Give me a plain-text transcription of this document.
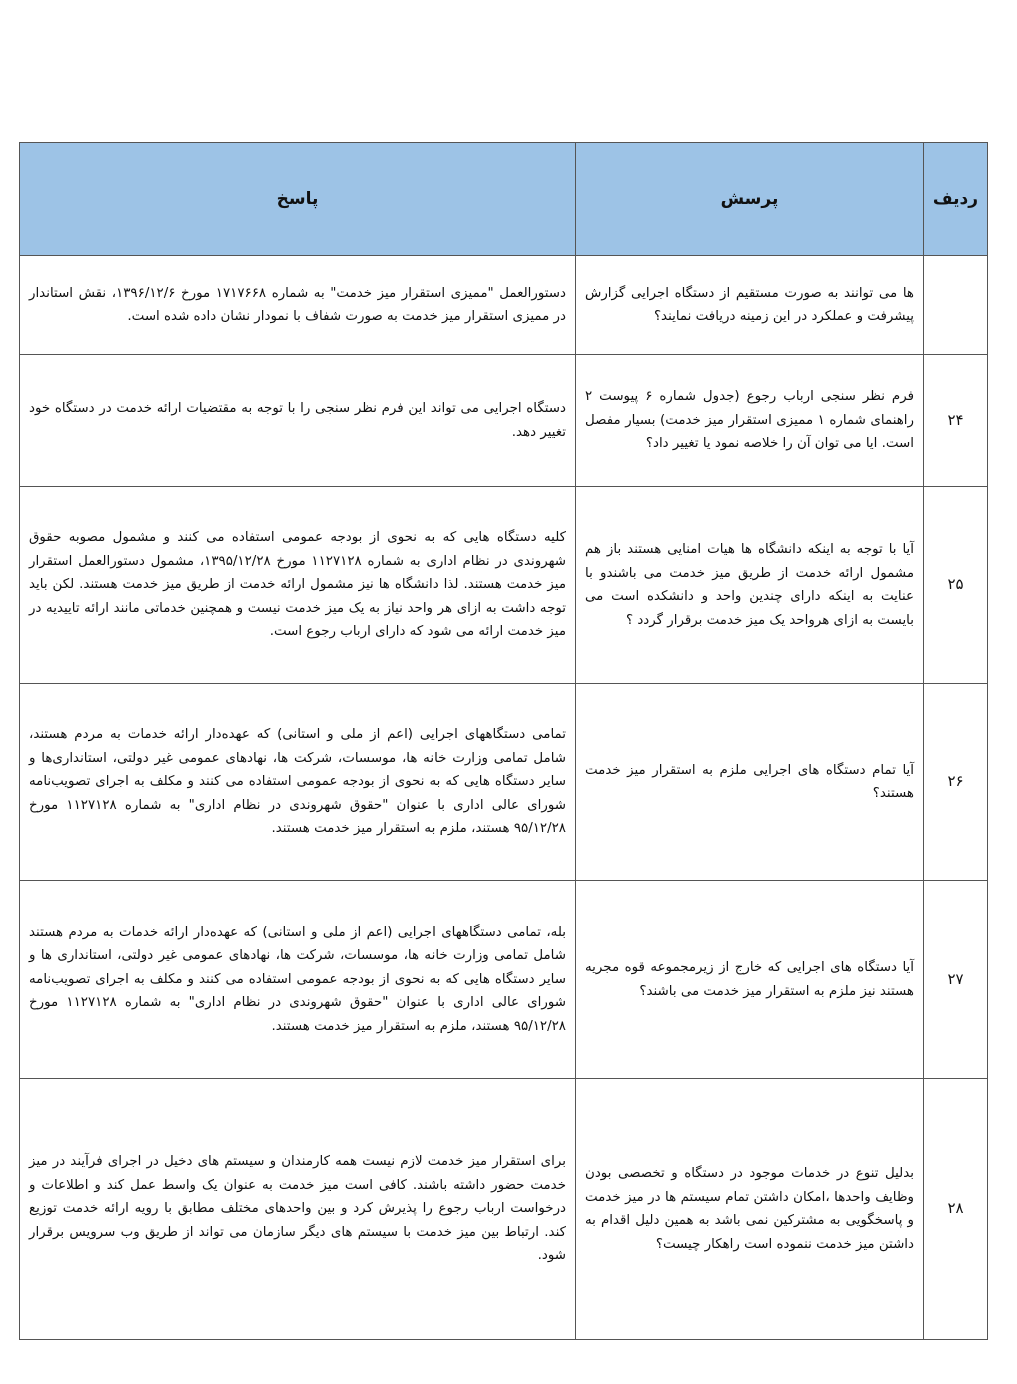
ردیف	پرسش	پاسخ
	ها می توانند به صورت مستقیم از دستگاه اجرایی گزارش پیشرفت و عملکرد در این زمینه دریافت نمایند؟	دستورالعمل "ممیزی استقرار میز خدمت" به شماره ۱۷۱۷۶۶۸ مورخ ۱۳۹۶/۱۲/۶، نقش استاندار در ممیزی استقرار میز خدمت به صورت شفاف با نمودار نشان داده شده است.
۲۴	فرم نظر سنجی ارباب رجوع (جدول شماره ۶ پیوست ۲ راهنمای شماره ۱ ممیزی استقرار میز خدمت) بسیار مفصل است. ایا می توان آن را خلاصه نمود یا تغییر داد؟	دستگاه اجرایی می تواند این فرم نظر سنجی را با توجه به مقتضیات ارائه خدمت در دستگاه خود تغییر دهد.
۲۵	آیا با توجه به اینکه دانشگاه ها هیات امنایی هستند باز هم مشمول ارائه خدمت از طریق میز خدمت می باشندو با عنایت به اینکه دارای چندین واحد و دانشکده است می بایست به ازای هرواحد یک میز خدمت برقرار گردد ؟	کلیه دستگاه هایی که به نحوی از بودجه عمومی استفاده می کنند و مشمول مصوبه حقوق شهروندی در نظام اداری به شماره ۱۱۲۷۱۲۸ مورخ ۱۳۹۵/۱۲/۲۸، مشمول دستورالعمل استقرار میز خدمت هستند. لذا دانشگاه ها نیز مشمول ارائه خدمت از طریق میز خدمت هستند. لکن باید توجه داشت به ازای هر واحد نیاز به یک میز خدمت نیست و همچنین خدماتی مانند ارائه تاییدیه در میز خدمت ارائه می شود که دارای ارباب رجوع است.
۲۶	آیا تمام دستگاه های اجرایی ملزم به استقرار میز خدمت هستند؟	تمامی دستگاههای اجرایی (اعم از ملی و استانی) که عهده‌دار ارائه خدمات به مردم هستند، شامل تمامی وزارت خانه ها، موسسات، شرکت ها، نهادهای عمومی غیر دولتی، استانداری‌ها و سایر دستگاه هایی که به نحوی از بودجه عمومی استفاده می کنند و مکلف به اجرای تصویب‌نامه شورای عالی اداری با عنوان "حقوق شهروندی در نظام اداری" به شماره ۱۱۲۷۱۲۸ مورخ ۹۵/۱۲/۲۸ هستند، ملزم به استقرار میز خدمت هستند.
۲۷	آیا دستگاه های اجرایی که خارج از زیرمجموعه قوه مجریه هستند نیز ملزم به استقرار میز خدمت می باشند؟	بله، تمامی دستگاههای اجرایی (اعم از ملی و استانی) که عهده‌دار ارائه خدمات به مردم هستند شامل تمامی وزارت خانه ها، موسسات، شرکت ها، نهادهای عمومی غیر دولتی، استانداری ها و سایر دستگاه هایی که به نحوی از بودجه عمومی استفاده می کنند و مکلف به اجرای تصویب‌نامه شورای عالی اداری با عنوان "حقوق شهروندی در نظام اداری" به شماره ۱۱۲۷۱۲۸ مورخ ۹۵/۱۲/۲۸ هستند، ملزم به استقرار میز خدمت هستند.
۲۸	بدلیل تنوع در خدمات موجود در دستگاه و تخصصی بودن وظایف واحدها ،امکان داشتن تمام سیستم ها در میز خدمت و پاسخگویی به مشترکین نمی باشد به همین دلیل اقدام به داشتن میز خدمت ننموده است راهکار چیست؟	برای استقرار میز خدمت لازم نیست همه کارمندان و سیستم های دخیل در اجرای فرآیند در میز خدمت حضور داشته باشند. کافی است میز خدمت به عنوان یک واسط عمل کند و اطلاعات و درخواست ارباب رجوع را پذیرش کرد و بین واحدهای مختلف مطابق با رویه ارائه خدمت توزیع کند. ارتباط بین میز خدمت با سیستم های دیگر سازمان می تواند از طریق وب سرویس برقرار شود.
